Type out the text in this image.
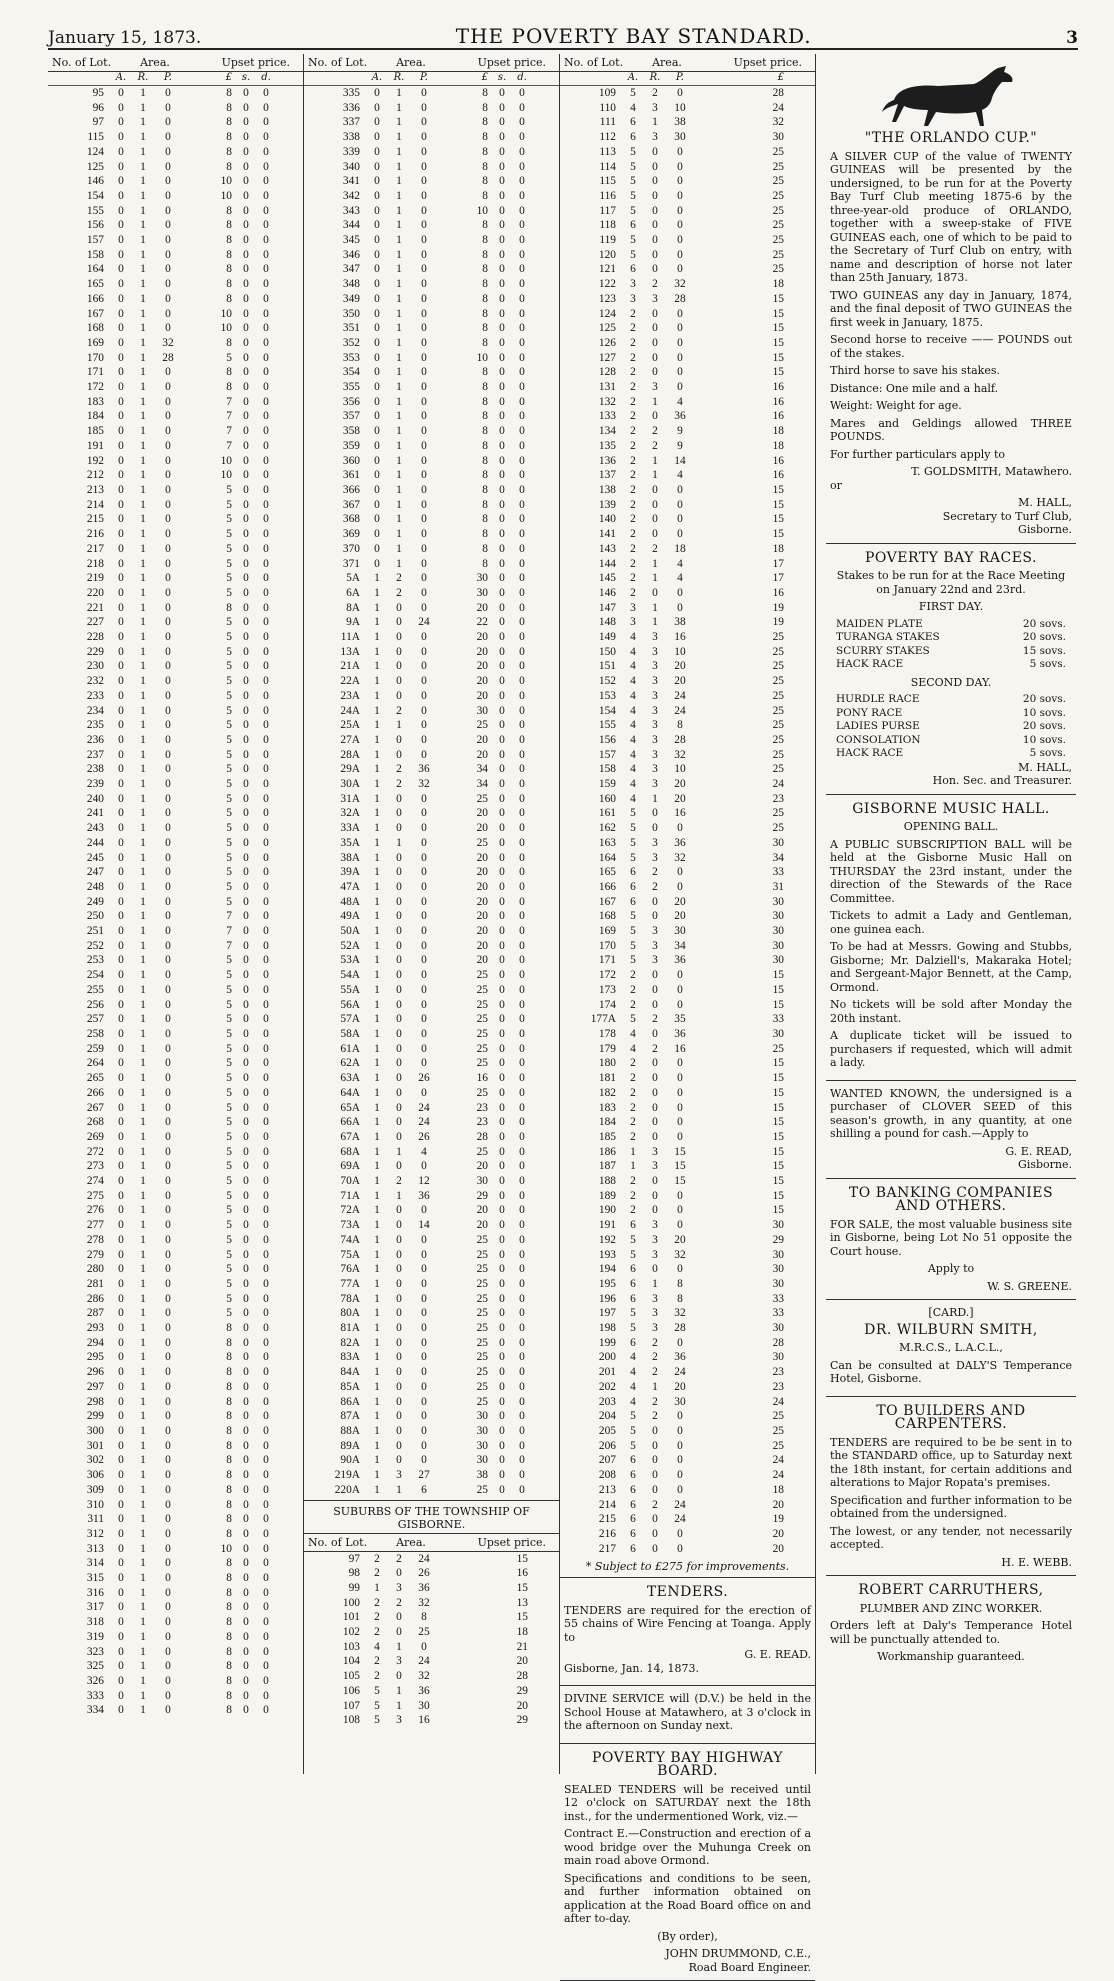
January 15, 1873.	THE POVERTY BAY STANDARD.	3
No. of Lot.	Area.	Upset price.
A.	R.	P.	£ s.	d.
95	0	1	0	8 0	0
96	0	1	0	8 0	0
97	0	1	0	8 0	0
115	0	1	0	8 0	0
124	0	1	0	8 0	0
125	0	1	0	8 0	0
146	0	1	0	10 0	0
154	0	1	0	10 0	0
155	0	1	0	8 0	0
156	0	1	0	8 0	0
157	0	1	0	8 0	0
158	0	1	0	8 0	0
164	0	1	0	8 0	0
165	0	1	0	8 0	0
166	0	1	0	8 0	0
167	0	1	0	10 0	0
168	0	1	0	10 0	0
169	0	1	32	8 0	0
170	0	1	28	5 0	0
171	0	1	0	8 0	0
172	0	1	0	8 0	0
183	0	1	0	7 0	0
184	0	1	0	7 0	0
185	0	1	0	7 0	0
191	0	1	0	7 0	0
192	0	1	0	10 0	0
212	0	1	0	10 0	0
213	0	1	0	5 0	0
214	0	1	0	5 0	0
215	0	1	0	5 0	0
216	0	1	0	5 0	0
217	0	1	0	5 0	0
218	0	1	0	5 0	0
219	0	1	0	5 0	0
220	0	1	0	5 0	0
221	0	1	0	8 0	0
227	0	1	0	5 0	0
228	0	1	0	5 0	0
229	0	1	0	5 0	0
230	0	1	0	5 0	0
232	0	1	0	5 0	0
233	0	1	0	5 0	0
234	0	1	0	5 0	0
235	0	1	0	5 0	0
236	0	1	0	5 0	0
237	0	1	0	5 0	0
238	0	1	0	5 0	0
239	0	1	0	5 0	0
240	0	1	0	5 0	0
241	0	1	0	5 0	0
243	0	1	0	5 0	0
244	0	1	0	5 0	0
245	0	1	0	5 0	0
247	0	1	0	5 0	0
248	0	1	0	5 0	0
249	0	1	0	5 0	0
250	0	1	0	7 0	0
251	0	1	0	7 0	0
252	0	1	0	7 0	0
253	0	1	0	5 0	0
254	0	1	0	5 0	0
255	0	1	0	5 0	0
256	0	1	0	5 0	0
257	0	1	0	5 0	0
258	0	1	0	5 0	0
259	0	1	0	5 0	0
264	0	1	0	5 0	0
265	0	1	0	5 0	0
266	0	1	0	5 0	0
267	0	1	0	5 0	0
268	0	1	0	5 0	0
269	0	1	0	5 0	0
272	0	1	0	5 0	0
273	0	1	0	5 0	0
274	0	1	0	5 0	0
275	0	1	0	5 0	0
276	0	1	0	5 0	0
277	0	1	0	5 0	0
278	0	1	0	5 0	0
279	0	1	0	5 0	0
280	0	1	0	5 0	0
281	0	1	0	5 0	0
286	0	1	0	5 0	0
287	0	1	0	5 0	0
293	0	1	0	8 0	0
294	0	1	0	8 0	0
295	0	1	0	8 0	0
296	0	1	0	8 0	0
297	0	1	0	8 0	0
298	0	1	0	8 0	0
299	0	1	0	8 0	0
300	0	1	0	8 0	0
301	0	1	0	8 0	0
302	0	1	0	8 0	0
306	0	1	0	8 0	0
309	0	1	0	8 0	0
310	0	1	0	8 0	0
311	0	1	0	8 0	0
312	0	1	0	8 0	0
313	0	1	0	10 0	0
314	0	1	0	8 0	0
315	0	1	0	8 0	0
316	0	1	0	8 0	0
317	0	1	0	8 0	0
318	0	1	0	8 0	0
319	0	1	0	8 0	0
323	0	1	0	8 0	0
325	0	1	0	8 0	0
326	0	1	0	8 0	0
333	0	1	0	8 0	0
334	0	1	0	8 0	0
No. of Lot.	Area.	Upset price.
A.	R.	P.	£ s.	d.
335	0	1	0	8 0	0
336	0	1	0	8 0	0
337	0	1	0	8 0	0
338	0	1	0	8 0	0
339	0	1	0	8 0	0
340	0	1	0	8 0	0
341	0	1	0	8 0	0
342	0	1	0	8 0	0
343	0	1	0	10 0	0
344	0	1	0	8 0	0
345	0	1	0	8 0	0
346	0	1	0	8 0	0
347	0	1	0	8 0	0
348	0	1	0	8 0	0
349	0	1	0	8 0	0
350	0	1	0	8 0	0
351	0	1	0	8 0	0
352	0	1	0	8 0	0
353	0	1	0	10 0	0
354	0	1	0	8 0	0
355	0	1	0	8 0	0
356	0	1	0	8 0	0
357	0	1	0	8 0	0
358	0	1	0	8 0	0
359	0	1	0	8 0	0
360	0	1	0	8 0	0
361	0	1	0	8 0	0
366	0	1	0	8 0	0
367	0	1	0	8 0	0
368	0	1	0	8 0	0
369	0	1	0	8 0	0
370	0	1	0	8 0	0
371	0	1	0	8 0	0
5A	1	2	0	30 0	0
6A	1	2	0	30 0	0
8A	1	0	0	20 0	0
9A	1	0	24	22 0	0
11A	1	0	0	20 0	0
13A	1	0	0	20 0	0
21A	1	0	0	20 0	0
22A	1	0	0	20 0	0
23A	1	0	0	20 0	0
24A	1	2	0	30 0	0
25A	1	1	0	25 0	0
27A	1	0	0	20 0	0
28A	1	0	0	20 0	0
29A	1	2	36	34 0	0
30A	1	2	32	34 0	0
31A	1	0	0	25 0	0
32A	1	0	0	20 0	0
33A	1	0	0	20 0	0
35A	1	1	0	25 0	0
38A	1	0	0	20 0	0
39A	1	0	0	20 0	0
47A	1	0	0	20 0	0
48A	1	0	0	20 0	0
49A	1	0	0	20 0	0
50A	1	0	0	20 0	0
52A	1	0	0	20 0	0
53A	1	0	0	20 0	0
54A	1	0	0	25 0	0
55A	1	0	0	25 0	0
56A	1	0	0	25 0	0
57A	1	0	0	25 0	0
58A	1	0	0	25 0	0
61A	1	0	0	25 0	0
62A	1	0	0	25 0	0
63A	1	0	26	16 0	0
64A	1	0	0	25 0	0
65A	1	0	24	23 0	0
66A	1	0	24	23 0	0
67A	1	0	26	28 0	0
68A	1	1	4	25 0	0
69A	1	0	0	20 0	0
70A	1	2	12	30 0	0
71A	1	1	36	29 0	0
72A	1	0	0	20 0	0
73A	1	0	14	20 0	0
74A	1	0	0	25 0	0
75A	1	0	0	25 0	0
76A	1	0	0	25 0	0
77A	1	0	0	25 0	0
78A	1	0	0	25 0	0
80A	1	0	0	25 0	0
81A	1	0	0	25 0	0
82A	1	0	0	25 0	0
83A	1	0	0	25 0	0
84A	1	0	0	25 0	0
85A	1	0	0	25 0	0
86A	1	0	0	25 0	0
87A	1	0	0	30 0	0
88A	1	0	0	30 0	0
89A	1	0	0	30 0	0
90A	1	0	0	30 0	0
219A	1	3	27	38 0	0
220A	1	1	6	25 0	0
SUBURBS OF THE TOWNSHIP OF GISBORNE.
No. of Lot.	Area.	Upset price.
97	2	2	24	15
98	2	0	26	16
99	1	3	36	15
100	2	2	32	13
101	2	0	8	15
102	2	0	25	18
103	4	1	0	21
104	2	3	24	20
105	2	0	32	28
106	5	1	36	29
107	5	1	30	20
108	5	3	16	29
No. of Lot.	Area.	Upset price.
A.	R.	P.	£
109	5	2	0	28
110	4	3	10	24
111	6	1	38	32
112	6	3	30	30
113	5	0	0	25
114	5	0	0	25
115	5	0	0	25
116	5	0	0	25
117	5	0	0	25
118	6	0	0	25
119	5	0	0	25
120	5	0	0	25
121	6	0	0	25
122	3	2	32	18
123	3	3	28	15
124	2	0	0	15
125	2	0	0	15
126	2	0	0	15
127	2	0	0	15
128	2	0	0	15
131	2	3	0	16
132	2	1	4	16
133	2	0	36	16
134	2	2	9	18
135	2	2	9	18
136	2	1	14	16
137	2	1	4	16
138	2	0	0	15
139	2	0	0	15
140	2	0	0	15
141	2	0	0	15
143	2	2	18	18
144	2	1	4	17
145	2	1	4	17
146	2	0	0	16
147	3	1	0	19
148	3	1	38	19
149	4	3	16	25
150	4	3	10	25
151	4	3	20	25
152	4	3	20	25
153	4	3	24	25
154	4	3	24	25
155	4	3	8	25
156	4	3	28	25
157	4	3	32	25
158	4	3	10	25
159	4	3	20	24
160	4	1	20	23
161	5	0	16	25
162	5	0	0	25
163	5	3	36	30
164	5	3	32	34
165	6	2	0	33
166	6	2	0	31
167	6	0	20	30
168	5	0	20	30
169	5	3	30	30
170	5	3	34	30
171	5	3	36	30
172	2	0	0	15
173	2	0	0	15
174	2	0	0	15
177A	5	2	35	33
178	4	0	36	30
179	4	2	16	25
180	2	0	0	15
181	2	0	0	15
182	2	0	0	15
183	2	0	0	15
184	2	0	0	15
185	2	0	0	15
186	1	3	15	15
187	1	3	15	15
188	2	0	15	15
189	2	0	0	15
190	2	0	0	15
191	6	3	0	30
192	5	3	20	29
193	5	3	32	30
194	6	0	0	30
195	6	1	8	30
196	6	3	8	33
197	5	3	32	33
198	5	3	28	30
199	6	2	0	28
200	4	2	36	30
201	4	2	24	23
202	4	1	20	23
203	4	2	30	24
204	5	2	0	25
205	5	0	0	25
206	5	0	0	25
207	6	0	0	24
208	6	0	0	24
213	6	0	0	18
214	6	2	24	20
215	6	0	24	19
216	6	0	0	20
217	6	0	0	20
* Subject to £275 for improvements.
TENDERS.

TENDERS are required for the erection of 55 chains of Wire Fencing at Toanga. Apply to

G. E. READ.

Gisborne, Jan. 14, 1873.

DIVINE SERVICE will (D.V.) be held in the School House at Matawhero, at 3 o'clock in the afternoon on Sunday next.

POVERTY BAY HIGHWAY BOARD.

SEALED TENDERS will be received until 12 o'clock on SATURDAY next the 18th inst., for the undermentioned Work, viz.—

Contract E.—Construction and erection of a wood bridge over the Muhunga Creek on main road above Ormond.

Specifications and conditions to be seen, and further information obtained on application at the Road Board office on and after to-day.

(By order),

JOHN DRUMMOND, C.E.,

Road Board Engineer.

"THE ORLANDO CUP."

A SILVER CUP of the value of TWENTY GUINEAS will be presented by the undersigned, to be run for at the Poverty Bay Turf Club meeting 1875-6 by the three-year-old produce of ORLANDO, together with a sweep-stake of FIVE GUINEAS each, one of which to be paid to the Secretary of Turf Club on entry, with name and description of horse not later than 25th January, 1873.

TWO GUINEAS any day in January, 1874, and the final deposit of TWO GUINEAS the first week in January, 1875.

Second horse to receive —— POUNDS out of the stakes.

Third horse to save his stakes.

Distance: One mile and a half.

Weight: Weight for age.

Mares and Geldings allowed THREE POUNDS.

For further particulars apply to

T. GOLDSMITH, Matawhero.

or

M. HALL,

Secretary to Turf Club,

Gisborne.

POVERTY BAY RACES.

Stakes to be run for at the Race Meeting on January 22nd and 23rd.

FIRST DAY.

MAIDEN PLATE	20 sovs.
TURANGA STAKES	20 sovs.
SCURRY STAKES	15 sovs.
HACK RACE	5 sovs.

SECOND DAY.

HURDLE RACE	20 sovs.
PONY RACE	10 sovs.
LADIES PURSE	20 sovs.
CONSOLATION	10 sovs.
HACK RACE	5 sovs.

M. HALL,

Hon. Sec. and Treasurer.

GISBORNE MUSIC HALL.

OPENING BALL.

A PUBLIC SUBSCRIPTION BALL will be held at the Gisborne Music Hall on THURSDAY the 23rd instant, under the direction of the Stewards of the Race Committee.

Tickets to admit a Lady and Gentleman, one guinea each.

To be had at Messrs. Gowing and Stubbs, Gisborne; Mr. Dalziell's, Makaraka Hotel; and Sergeant-Major Bennett, at the Camp, Ormond.

No tickets will be sold after Monday the 20th instant.

A duplicate ticket will be issued to purchasers if requested, which will admit a lady.

WANTED KNOWN, the undersigned is a purchaser of CLOVER SEED of this season's growth, in any quantity, at one shilling a pound for cash.—Apply to

G. E. READ,

Gisborne.

TO BANKING COMPANIES AND OTHERS.

FOR SALE, the most valuable business site in Gisborne, being Lot No 51 opposite the Court house.

Apply to

W. S. GREENE.

[CARD.]

DR. WILBURN SMITH,

M.R.C.S., L.A.C.L.,

Can be consulted at DALY'S Temperance Hotel, Gisborne.

TO BUILDERS AND CARPENTERS.

TENDERS are required to be be sent in to the STANDARD office, up to Saturday next the 18th instant, for certain additions and alterations to Major Ropata's premises.

Specification and further information to be obtained from the undersigned.

The lowest, or any tender, not necessarily accepted.

H. E. WEBB.

ROBERT CARRUTHERS,

PLUMBER AND ZINC WORKER.

Orders left at Daly's Temperance Hotel will be punctually attended to.

Workmanship guaranteed.
